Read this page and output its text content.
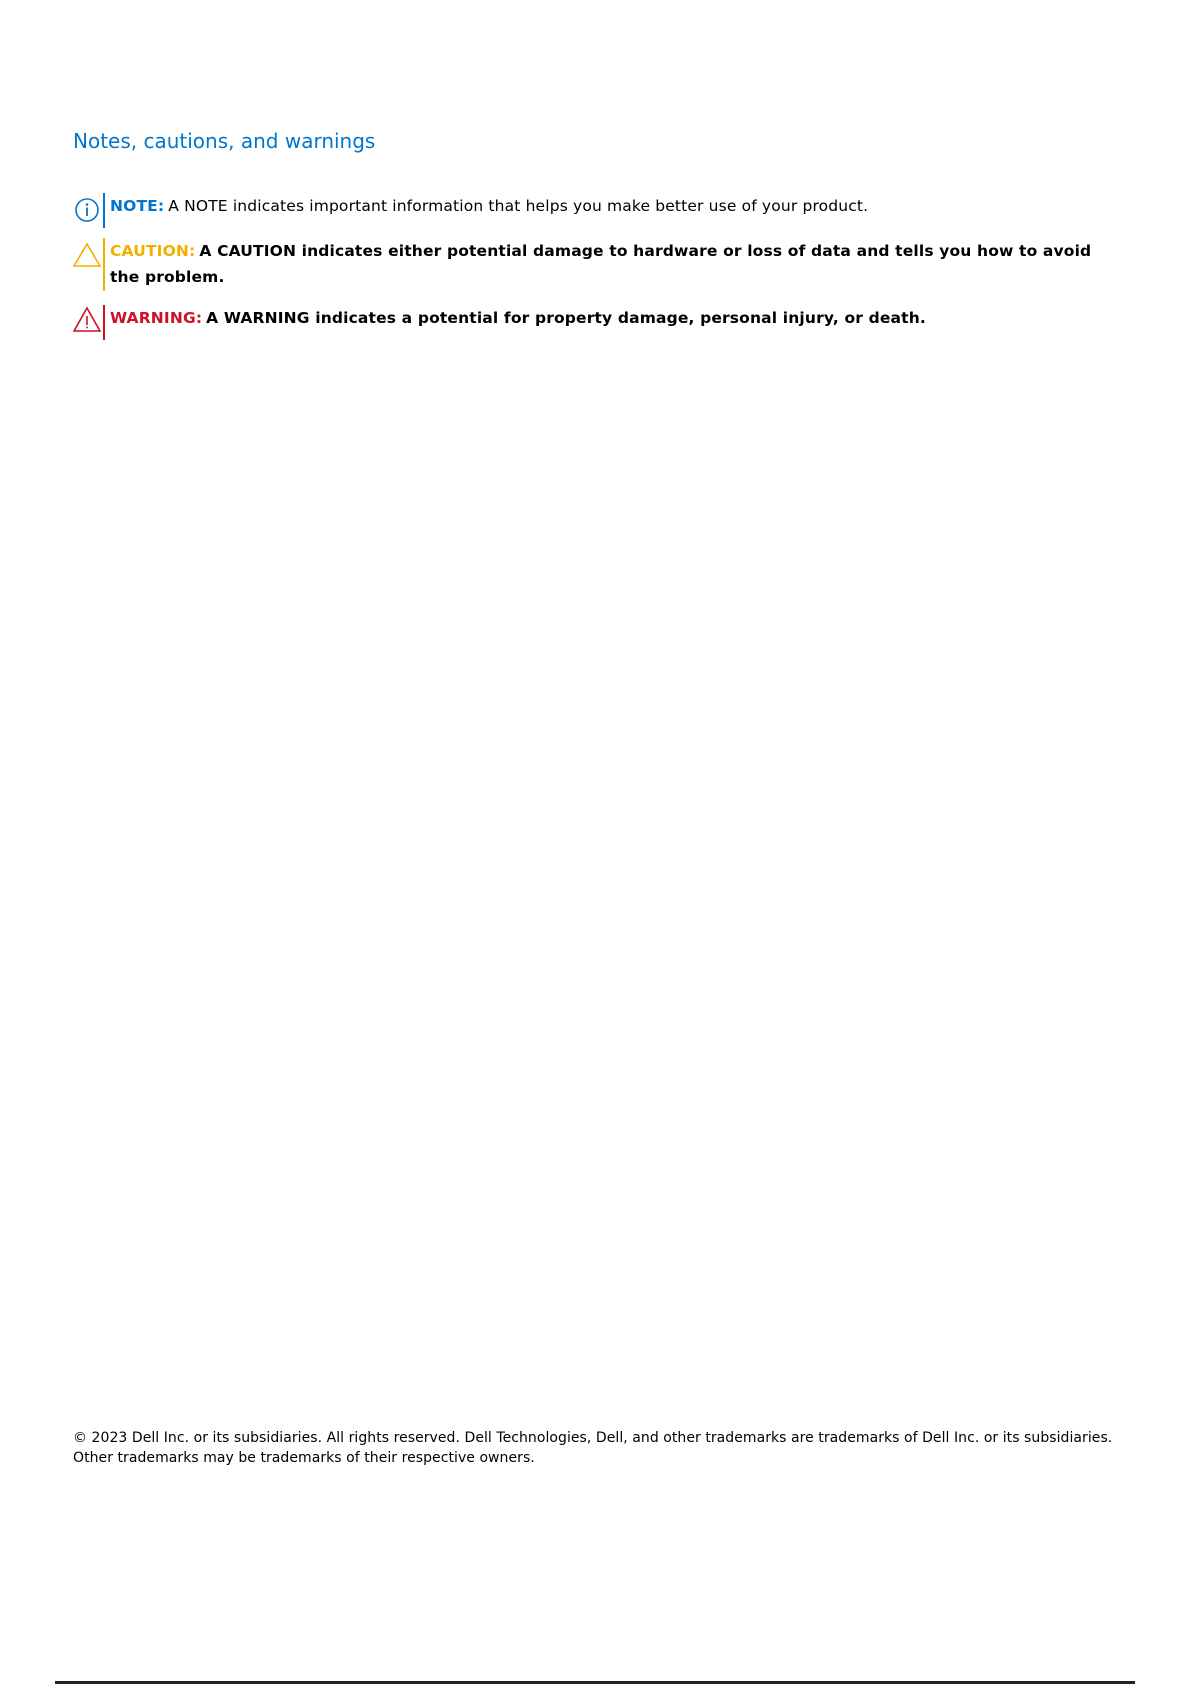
Notes, cautions, and warnings
NOTE: A NOTE indicates important information that helps you make better use of your product.
CAUTION: A CAUTION indicates either potential damage to hardware or loss of data and tells you how to avoid the problem.
WARNING: A WARNING indicates a potential for property damage, personal injury, or death.

© 2023 Dell Inc. or its subsidiaries. All rights reserved. Dell Technologies, Dell, and other trademarks are trademarks of Dell Inc. or its subsidiaries. Other trademarks may be trademarks of their respective owners.
